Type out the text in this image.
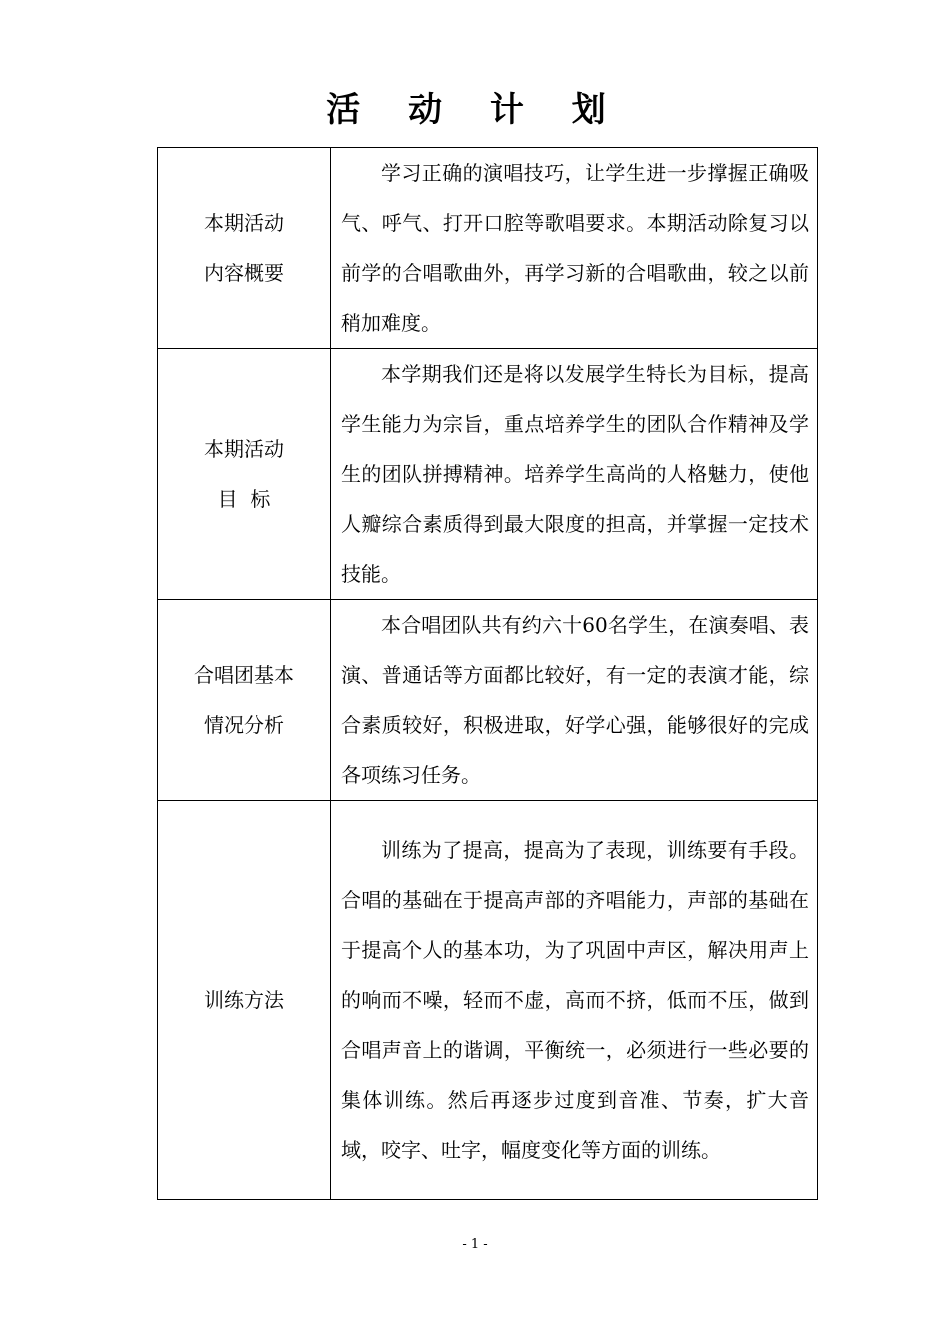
活 动 计 划
本期活动
内容概要	学习正确的演唱技巧，让学生进一步撑握正确吸气、呼气、打开口腔等歌唱要求。本期活动除复习以前学的合唱歌曲外，再学习新的合唱歌曲，较之以前稍加难度。

本期活动
目  标	本学期我们还是将以发展学生特长为目标，提高学生能力为宗旨，重点培养学生的团队合作精神及学生的团队拼搏精神。培养学生高尚的人格魅力，使他人瓣综合素质得到最大限度的担高，并掌握一定技术技能。

合唱团基本
情况分析	本合唱团队共有约六十60名学生，在演奏唱、表演、普通话等方面都比较好，有一定的表演才能，综合素质较好，积极进取，好学心强，能够很好的完成各项练习任务。

训练方法	训练为了提高，提高为了表现，训练要有手段。合唱的基础在于提高声部的齐唱能力，声部的基础在于提高个人的基本功，为了巩固中声区，解决用声上的响而不噪，轻而不虚，高而不挤，低而不压，做到合唱声音上的谐调，平衡统一，必须进行一些必要的集体训练。然后再逐步过度到音准、节奏，扩大音域，咬字、吐字，幅度变化等方面的训练。

- 1 -
